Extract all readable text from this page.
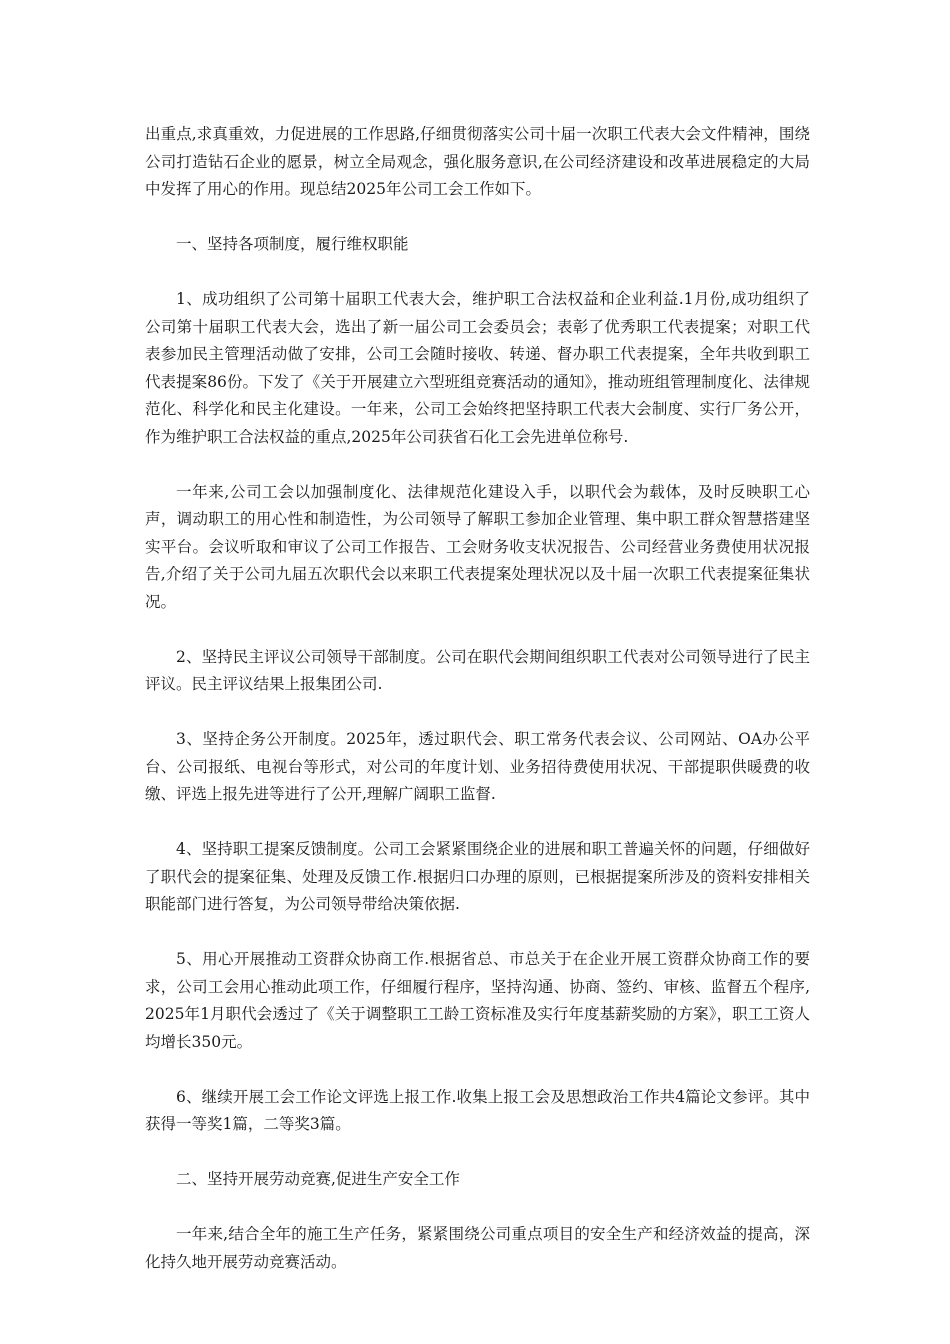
出重点,求真重效，力促进展的工作思路,仔细贯彻落实公司十届一次职工代表大会文件精神，围绕公司打造钻石企业的愿景，树立全局观念，强化服务意识,在公司经济建设和改革进展稳定的大局中发挥了用心的作用。现总结2025年公司工会工作如下。

一、坚持各项制度，履行维权职能

1、成功组织了公司第十届职工代表大会，维护职工合法权益和企业利益.1月份,成功组织了公司第十届职工代表大会，选出了新一届公司工会委员会；表彰了优秀职工代表提案；对职工代表参加民主管理活动做了安排，公司工会随时接收、转递、督办职工代表提案，全年共收到职工代表提案86份。下发了《关于开展建立六型班组竞赛活动的通知》，推动班组管理制度化、法律规范化、科学化和民主化建设。一年来，公司工会始终把坚持职工代表大会制度、实行厂务公开，作为维护职工合法权益的重点,2025年公司获省石化工会先进单位称号.

一年来,公司工会以加强制度化、法律规范化建设入手，以职代会为载体，及时反映职工心声，调动职工的用心性和制造性，为公司领导了解职工参加企业管理、集中职工群众智慧搭建坚实平台。会议听取和审议了公司工作报告、工会财务收支状况报告、公司经营业务费使用状况报告,介绍了关于公司九届五次职代会以来职工代表提案处理状况以及十届一次职工代表提案征集状况。

2、坚持民主评议公司领导干部制度。公司在职代会期间组织职工代表对公司领导进行了民主评议。民主评议结果上报集团公司.

3、坚持企务公开制度。2025年，透过职代会、职工常务代表会议、公司网站、OA办公平台、公司报纸、电视台等形式，对公司的年度计划、业务招待费使用状况、干部提职供暖费的收缴、评选上报先进等进行了公开,理解广阔职工监督.

4、坚持职工提案反馈制度。公司工会紧紧围绕企业的进展和职工普遍关怀的问题，仔细做好了职代会的提案征集、处理及反馈工作.根据归口办理的原则，已根据提案所涉及的资料安排相关职能部门进行答复，为公司领导带给决策依据.

5、用心开展推动工资群众协商工作.根据省总、市总关于在企业开展工资群众协商工作的要求，公司工会用心推动此项工作，仔细履行程序，坚持沟通、协商、签约、审核、监督五个程序,2025年1月职代会透过了《关于调整职工工龄工资标准及实行年度基薪奖励的方案》，职工工资人均增长350元。

6、继续开展工会工作论文评选上报工作.收集上报工会及思想政治工作共4篇论文参评。其中获得一等奖1篇，二等奖3篇。

二、坚持开展劳动竞赛,促进生产安全工作

一年来,结合全年的施工生产任务，紧紧围绕公司重点项目的安全生产和经济效益的提高，深化持久地开展劳动竞赛活动。
